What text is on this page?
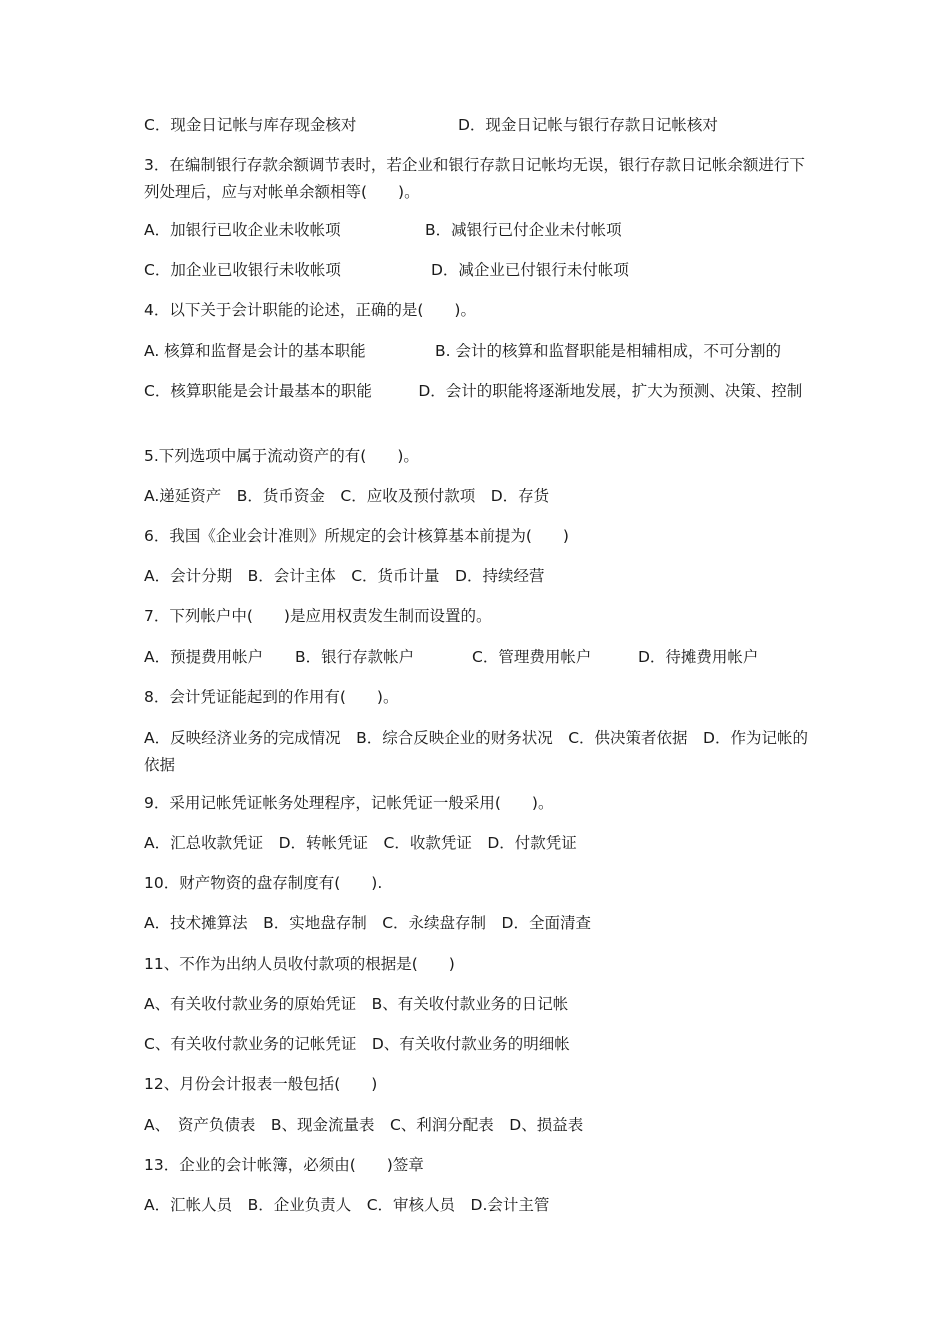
C．现金日记帐与库存现金核对	D．现金日记帐与银行存款日记帐核对
3．在编制银行存款余额调节表时，若企业和银行存款日记帐均无误，银行存款日记帐余额进行下列处理后，应与对帐单余额相等(　　)。
A．加银行已收企业未收帐项	B．减银行已付企业未付帐项
C．加企业已收银行未收帐项	D．减企业已付银行未付帐项
4．以下关于会计职能的论述，正确的是(　　)。
A. 核算和监督是会计的基本职能	B. 会计的核算和监督职能是相辅相成，不可分割的
C．核算职能是会计最基本的职能　　　D．会计的职能将逐渐地发展，扩大为预测、决策、控制
5.下列选项中属于流动资产的有(　　)。
A.递延资产　B．货币资金　C．应收及预付款项　D．存货
6．我国《企业会计准则》所规定的会计核算基本前提为(　　)
A．会计分期　B．会计主体　C．货币计量　D．持续经营
7．下列帐户中(　　)是应用权责发生制而设置的。
A．预提费用帐户 B．银行存款帐户	C．管理费用帐户	D．待摊费用帐户
8．会计凭证能起到的作用有(　　)。
A．反映经济业务的完成情况　B．综合反映企业的财务状况　C．供决策者依据　D．作为记帐的依据
9．采用记帐凭证帐务处理程序，记帐凭证一般采用(　　)。
A．汇总收款凭证　D．转帐凭证　C．收款凭证　D．付款凭证
10．财产物资的盘存制度有(　　).
A．技术摊算法　B．实地盘存制　C．永续盘存制　D．全面清查
11、不作为出纳人员收付款项的根据是(　　)
A、有关收付款业务的原始凭证　B、有关收付款业务的日记帐
C、有关收付款业务的记帐凭证　D、有关收付款业务的明细帐
12、月份会计报表一般包括(　　)
A、　资产负债表　B、现金流量表　C、利润分配表　D、损益表
13．企业的会计帐簿，必须由(　　)签章
A．汇帐人员　B．企业负责人　C．审核人员　D.会计主管
